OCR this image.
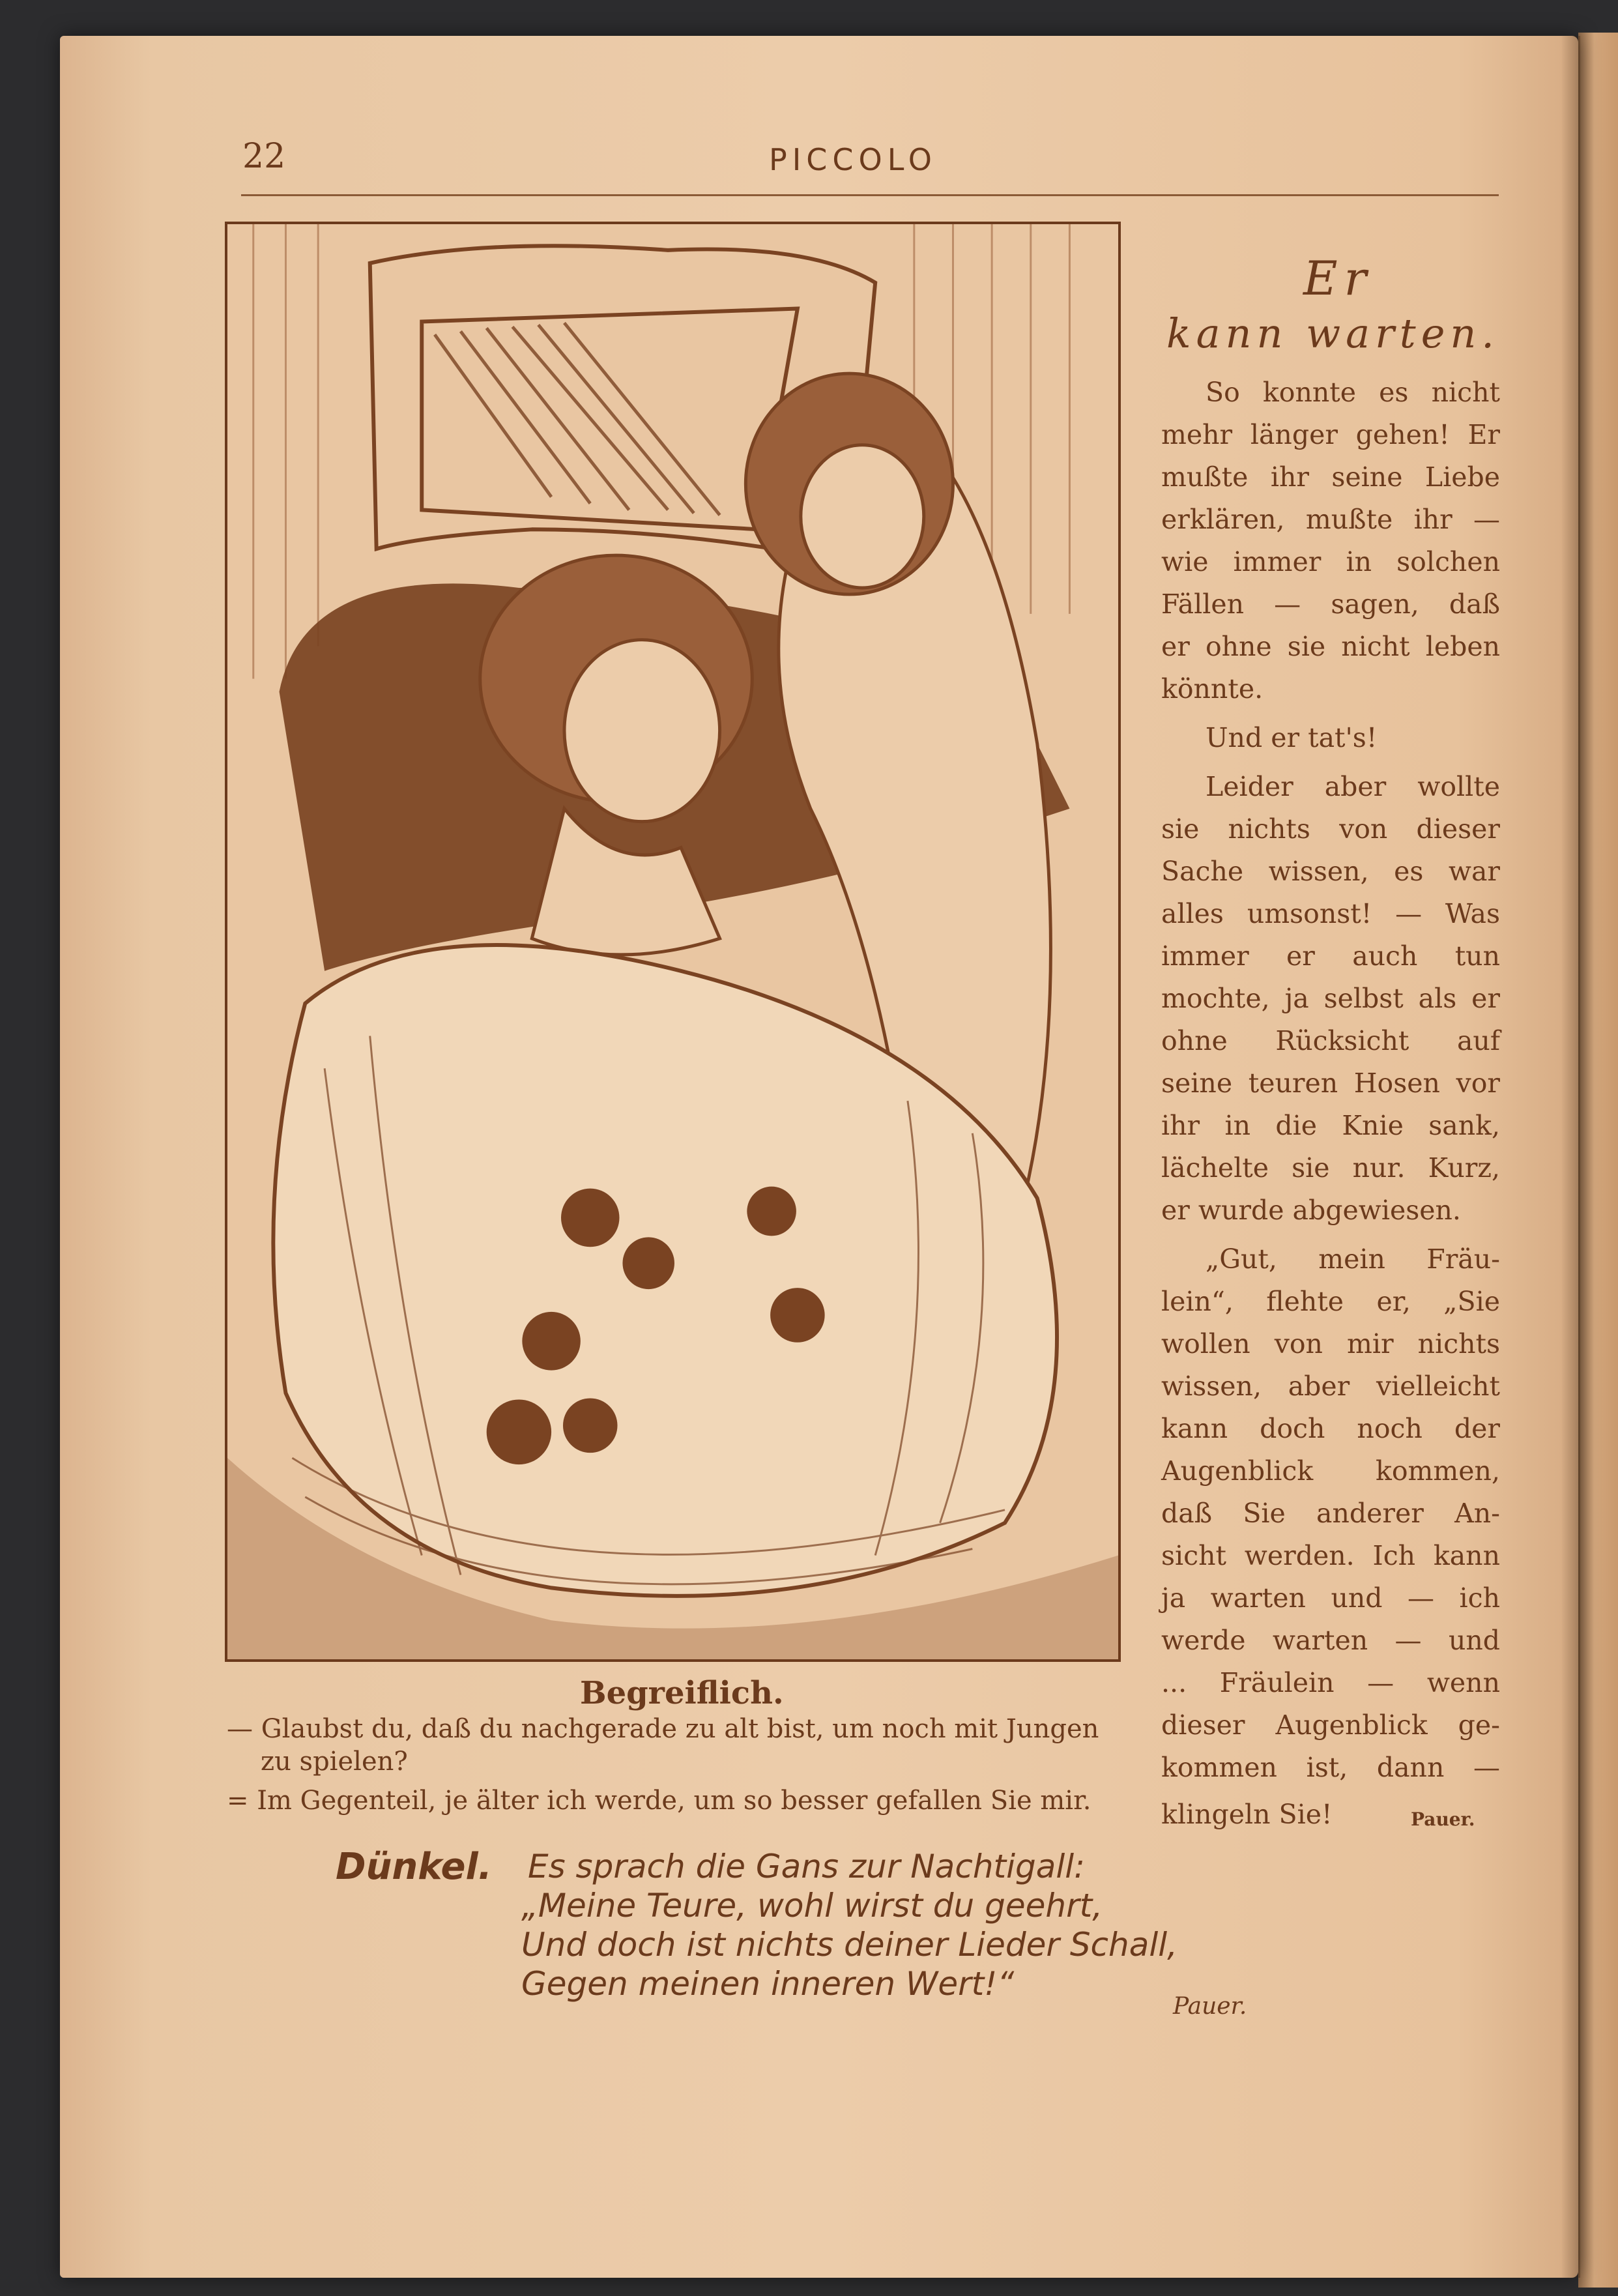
22	PICCOLO
Begreiflich.
— Glaubst du, daß du nachgerade zu alt bist, um noch mit Jungen
zu spielen?
= Im Gegenteil, je älter ich werde, um so besser gefallen Sie mir.
Er
kann warten.
So konnte es nicht
mehr länger gehen! Er
mußte ihr seine Liebe
erklären, mußte ihr —
wie immer in solchen
Fällen — sagen, daß
er ohne sie nicht leben
könnte.
Und er tat's!
Leider aber wollte
sie nichts von dieser
Sache wissen, es war
alles umsonst! — Was
immer er auch tun
mochte, ja selbst als er
ohne Rücksicht auf
seine teuren Hosen vor
ihr in die Knie sank,
lächelte sie nur. Kurz,
er wurde abgewiesen.
„Gut, mein Fräu-
lein“, flehte er, „Sie
wollen von mir nichts
wissen, aber vielleicht
kann doch noch der
Augenblick kommen,
daß Sie anderer An-
sicht werden. Ich kann
ja warten und — ich
werde warten — und
... Fräulein — wenn
dieser Augenblick ge-
kommen ist, dann —
klingeln Sie!	Pauer.
Dünkel. Es sprach die Gans zur Nachtigall:
„Meine Teure, wohl wirst du geehrt,
Und doch ist nichts deiner Lieder Schall,
Gegen meinen inneren Wert!“
Pauer.
